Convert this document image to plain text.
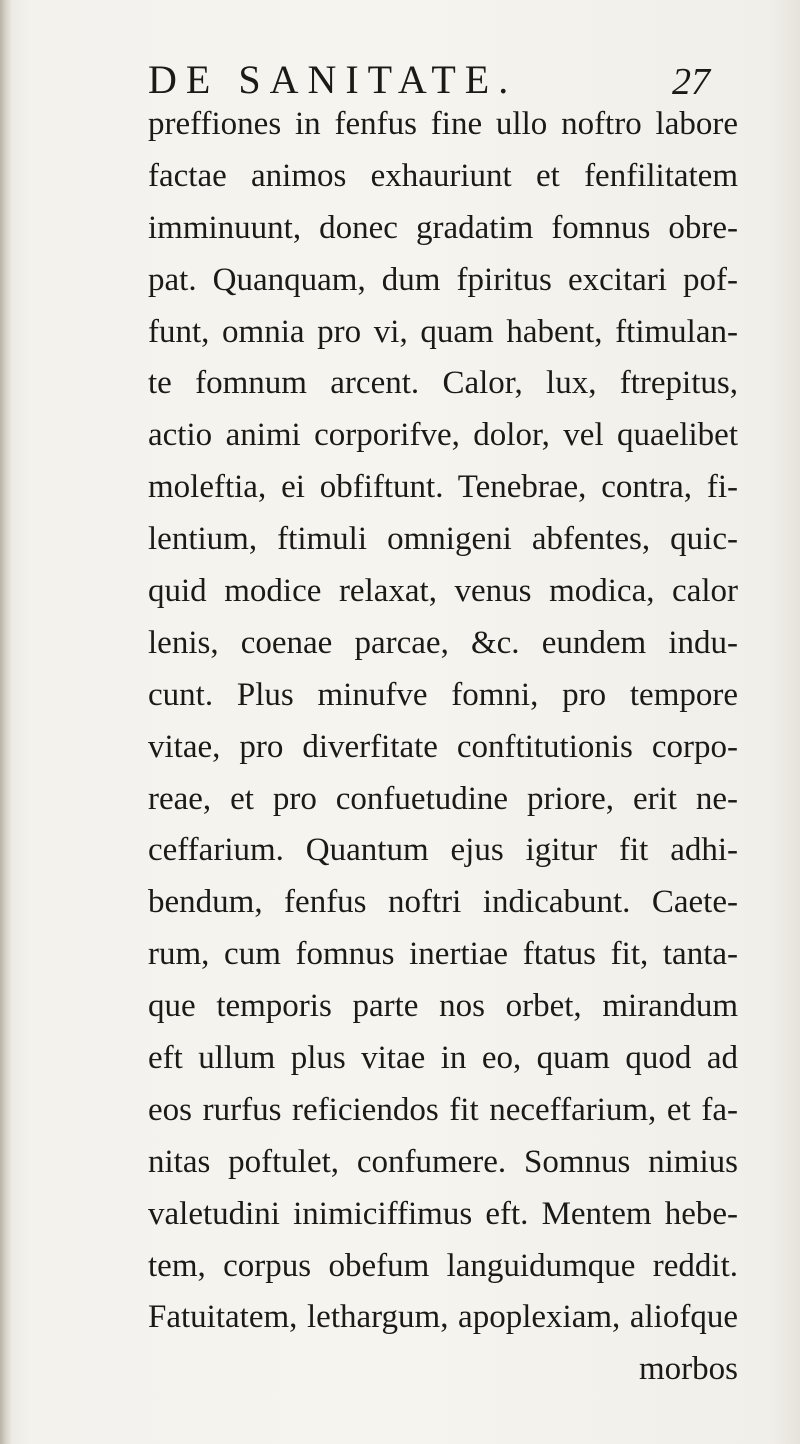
DE SANITATE.	27
preffiones in fenfus fine ullo noftro labore
factae animos exhauriunt et fenfilitatem
imminuunt, donec gradatim fomnus obre-
pat. Quanquam, dum fpiritus excitari pof-
funt, omnia pro vi, quam habent, ftimulan-
te fomnum arcent. Calor, lux, ftrepitus,
actio animi corporifve, dolor, vel quaelibet
moleftia, ei obfiftunt. Tenebrae, contra, fi-
lentium, ftimuli omnigeni abfentes, quic-
quid modice relaxat, venus modica, calor
lenis, coenae parcae, &c. eundem indu-
cunt. Plus minufve fomni, pro tempore
vitae, pro diverfitate conftitutionis corpo-
reae, et pro confuetudine priore, erit ne-
ceffarium. Quantum ejus igitur fit adhi-
bendum, fenfus noftri indicabunt. Caete-
rum, cum fomnus inertiae ftatus fit, tanta-
que temporis parte nos orbet, mirandum
eft ullum plus vitae in eo, quam quod ad
eos rurfus reficiendos fit neceffarium, et fa-
nitas poftulet, confumere. Somnus nimius
valetudini inimiciffimus eft. Mentem hebe-
tem, corpus obefum languidumque reddit.
Fatuitatem, lethargum, apoplexiam, aliofque
morbos
